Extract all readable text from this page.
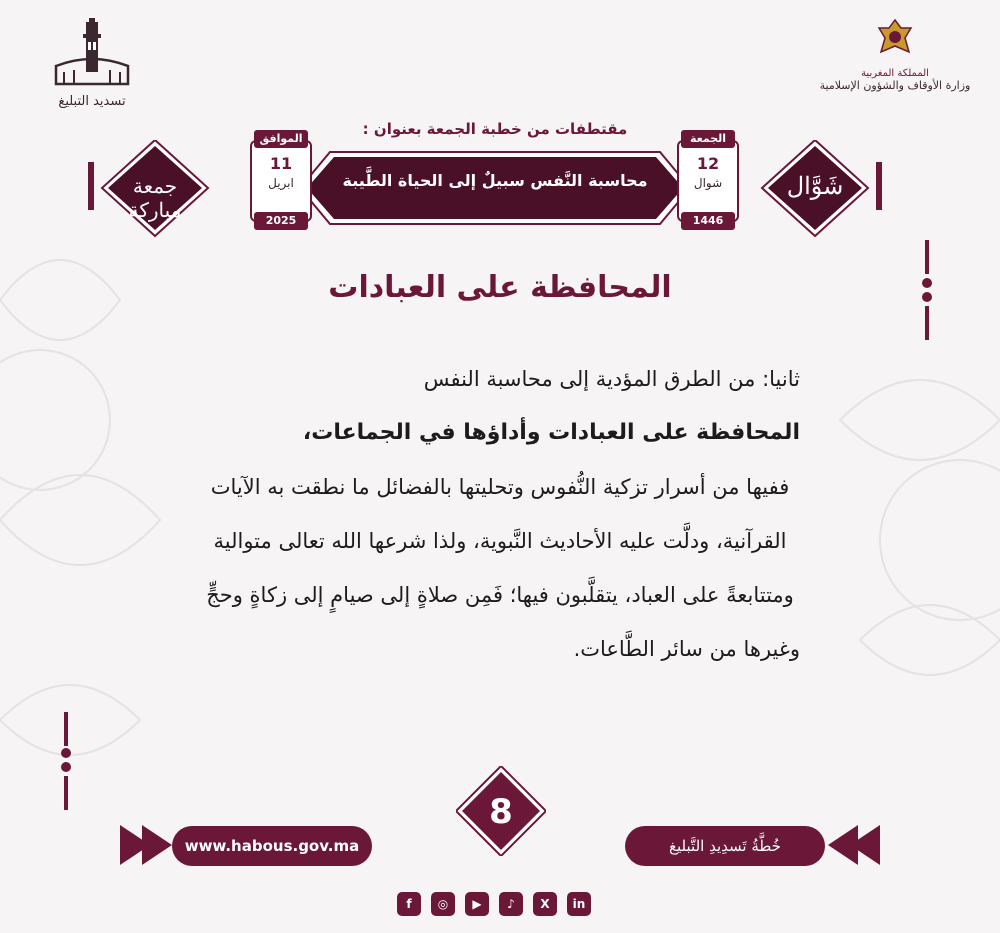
المملكة المغربية
وزارة الأوقاف والشؤون الإسلامية
تسديد التبليغ
مقتطفات من خطبة الجمعة بعنوان :
جمعة مباركة
شَوَّال
محاسبة النَّفس سبيلٌ إلى الحياة الطَّيبة
الجمعة
12
شوال
1446
الموافق
11
ابريل
2025
المحافظة على العبادات
ثانيا: من الطرق المؤدية إلى محاسبة النفس
المحافظة على العبادات وأداؤها في الجماعات،
ففيها من أسرار تزكية النُّفوس وتحليتها بالفضائل ما نطقت به الآيات
القرآنية، ودلَّت عليه الأحاديث النَّبوية، ولذا شرعها الله تعالى متوالية
ومتتابعةً على العباد، يتقلَّبون فيها؛ فَمِن صلاةٍ إلى صيامٍ إلى زكاةٍ وحجٍّ
وغيرها من سائر الطَّاعات.
www.habous.gov.ma	خُطَّةُ تَسدِيدِ التَّبليغ
8
f	◎	▶	♪	X	in
